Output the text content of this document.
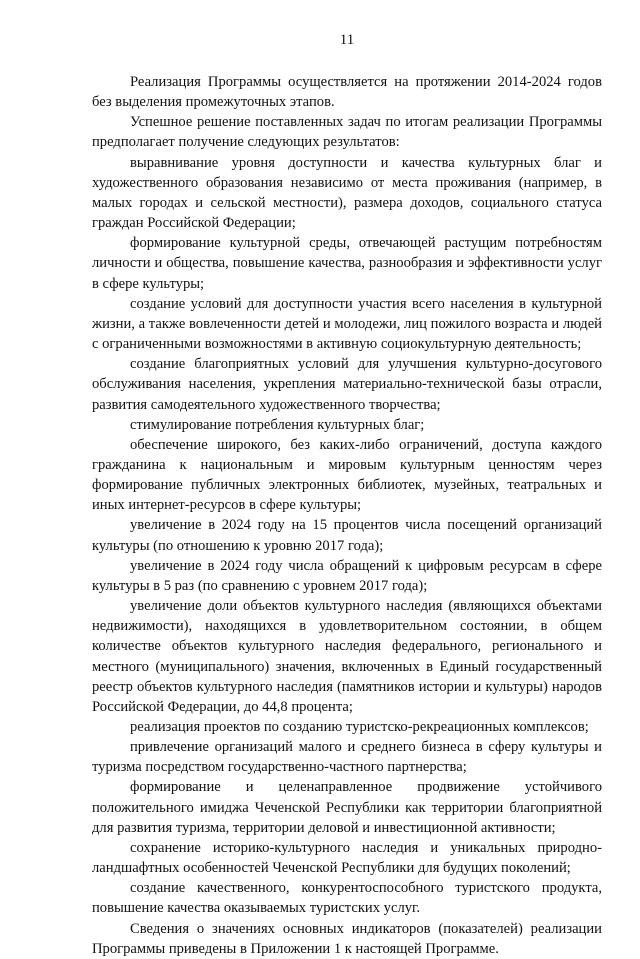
11

Реализация Программы осуществляется на протяжении 2014-2024 годов без выделения промежуточных этапов.

Успешное решение поставленных задач по итогам реализации Программы предполагает получение следующих результатов:

выравнивание уровня доступности и качества культурных благ и художественного образования независимо от места проживания (например, в малых городах и сельской местности), размера доходов, социального статуса граждан Российской Федерации;

формирование культурной среды, отвечающей растущим потребностям личности и общества, повышение качества, разнообразия и эффективности услуг в сфере культуры;

создание условий для доступности участия всего населения в культурной жизни, а также вовлеченности детей и молодежи, лиц пожилого возраста и людей с ограниченными возможностями в активную социокультурную деятельность;

создание благоприятных условий для улучшения культурно-досугового обслуживания населения, укрепления материально-технической базы отрасли, развития самодеятельного художественного творчества;

стимулирование потребления культурных благ;

обеспечение широкого, без каких-либо ограничений, доступа каждого гражданина к национальным и мировым культурным ценностям через формирование публичных электронных библиотек, музейных, театральных и иных интернет-ресурсов в сфере культуры;

увеличение в 2024 году на 15 процентов числа посещений организаций культуры (по отношению к уровню 2017 года);

увеличение в 2024 году числа обращений к цифровым ресурсам в сфере культуры в 5 раз (по сравнению с уровнем 2017 года);

увеличение доли объектов культурного наследия (являющихся объектами недвижимости), находящихся в удовлетворительном состоянии, в общем количестве объектов культурного наследия федерального, регионального и местного (муниципального) значения, включенных в Единый государственный реестр объектов культурного наследия (памятников истории и культуры) народов Российской Федерации, до 44,8 процента;

реализация проектов по созданию туристско-рекреационных комплексов;

привлечение организаций малого и среднего бизнеса в сферу культуры и туризма посредством государственно-частного партнерства;

формирование и целенаправленное продвижение устойчивого положительного имиджа Чеченской Республики как территории благоприятной для развития туризма, территории деловой и инвестиционной активности;

сохранение историко-культурного наследия и уникальных природно-ландшафтных особенностей Чеченской Республики для будущих поколений;

создание качественного, конкурентоспособного туристского продукта, повышение качества оказываемых туристских услуг.

Сведения о значениях основных индикаторов (показателей) реализации Программы приведены в Приложении 1 к настоящей Программе.
